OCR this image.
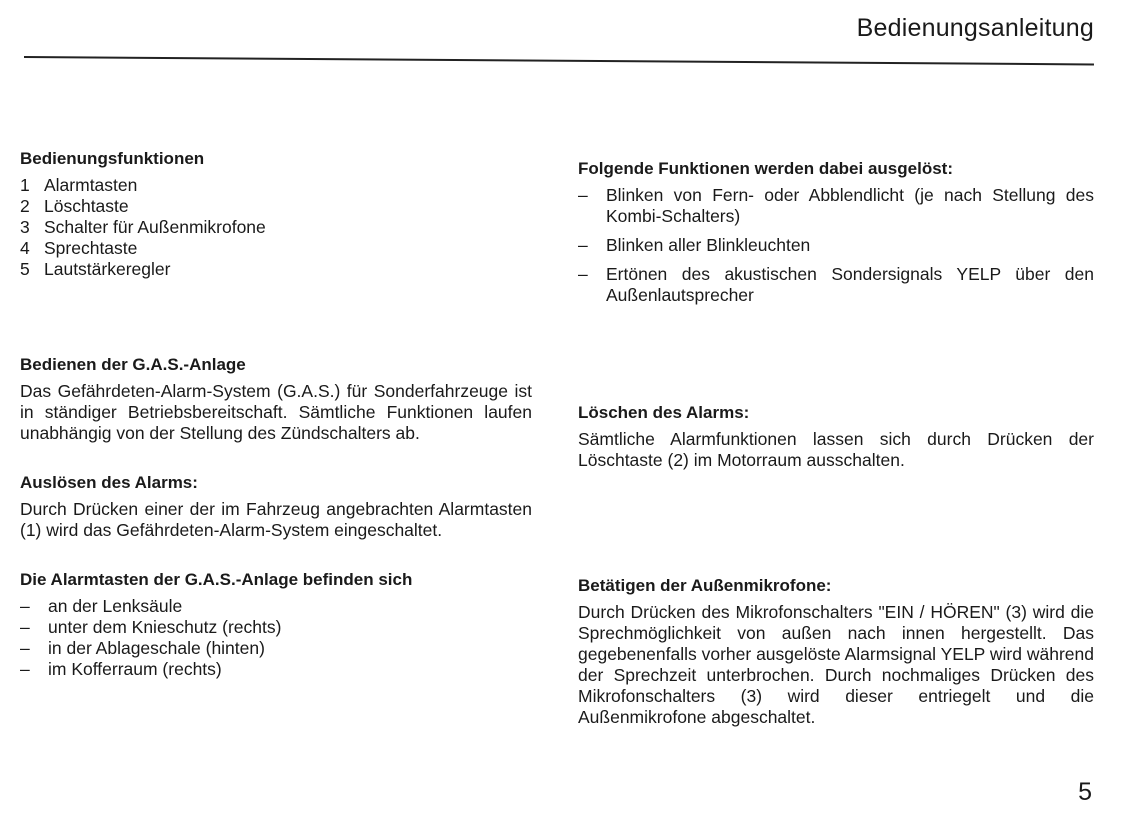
Bedienungsanleitung
Bedienungsfunktionen
1 Alarmtasten
2 Löschtaste
3 Schalter für Außenmikrofone
4 Sprechtaste
5 Lautstärkeregler
Bedienen der G.A.S.-Anlage

Das Gefährdeten-Alarm-System (G.A.S.) für Sonderfahrzeuge ist in ständiger Betriebsbereitschaft. Sämtliche Funktionen laufen unabhängig von der Stellung des Zündschalters ab.

Auslösen des Alarms:

Durch Drücken einer der im Fahrzeug angebrachten Alarmtasten (1) wird das Gefährdeten-Alarm-System eingeschaltet.

Die Alarmtasten der G.A.S.-Anlage befinden sich
–	an der Lenksäule
–	unter dem Knieschutz (rechts)
–	in der Ablageschale (hinten)
–	im Kofferraum (rechts)
Folgende Funktionen werden dabei ausgelöst:
–	Blinken von Fern- oder Abblendlicht (je nach Stellung des Kombi-Schalters)
–	Blinken aller Blinkleuchten
–	Ertönen des akustischen Sondersignals YELP über den Außenlautsprecher
Löschen des Alarms:

Sämtliche Alarmfunktionen lassen sich durch Drücken der Löschtaste (2) im Motorraum ausschalten.

Betätigen der Außenmikrofone:

Durch Drücken des Mikrofonschalters "EIN / HÖREN" (3) wird die Sprechmöglichkeit von außen nach innen hergestellt. Das gegebenenfalls vorher ausgelöste Alarmsignal YELP wird während der Sprechzeit unterbrochen. Durch nochmaliges Drücken des Mikrofonschalters (3) wird dieser entriegelt und die Außenmikrofone abgeschaltet.

5
